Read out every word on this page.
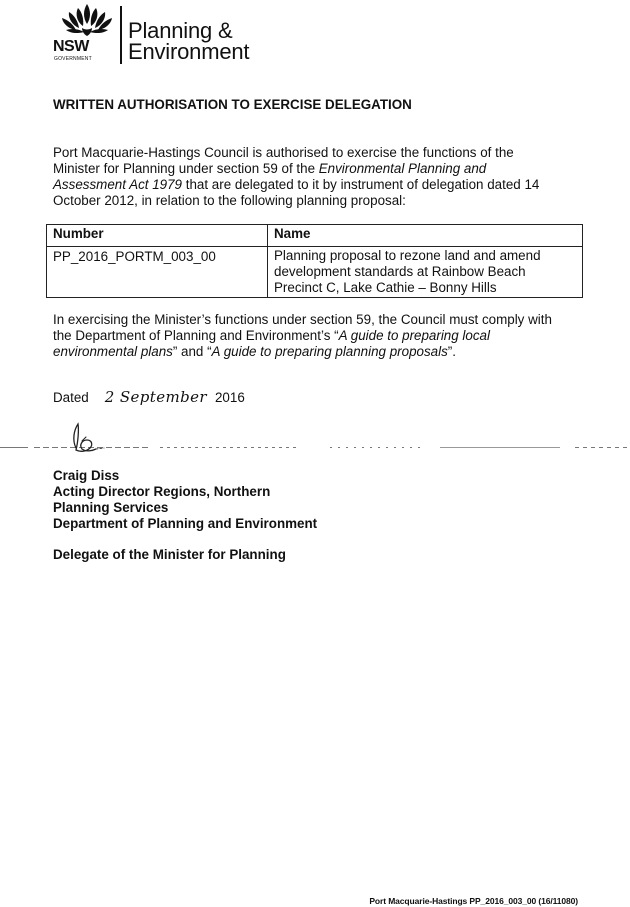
NSW
GOVERNMENT
Planning &
Environment
WRITTEN AUTHORISATION TO EXERCISE DELEGATION
Port Macquarie-Hastings Council is authorised to exercise the functions of the Minister for Planning under section 59 of the Environmental Planning and Assessment Act 1979 that are delegated to it by instrument of delegation dated 14 October 2012, in relation to the following planning proposal:
Number	Name
PP_2016_PORTM_003_00	Planning proposal to rezone land and amend development standards at Rainbow Beach Precinct C, Lake Cathie – Bonny Hills
In exercising the Minister’s functions under section 59, the Council must comply with the Department of Planning and Environment’s “A guide to preparing local environmental plans” and “A guide to preparing planning proposals”.
Dated 2 September 2016
Craig Diss
Acting Director Regions, Northern
Planning Services
Department of Planning and Environment
Delegate of the Minister for Planning
Port Macquarie-Hastings PP_2016_003_00 (16/11080)
